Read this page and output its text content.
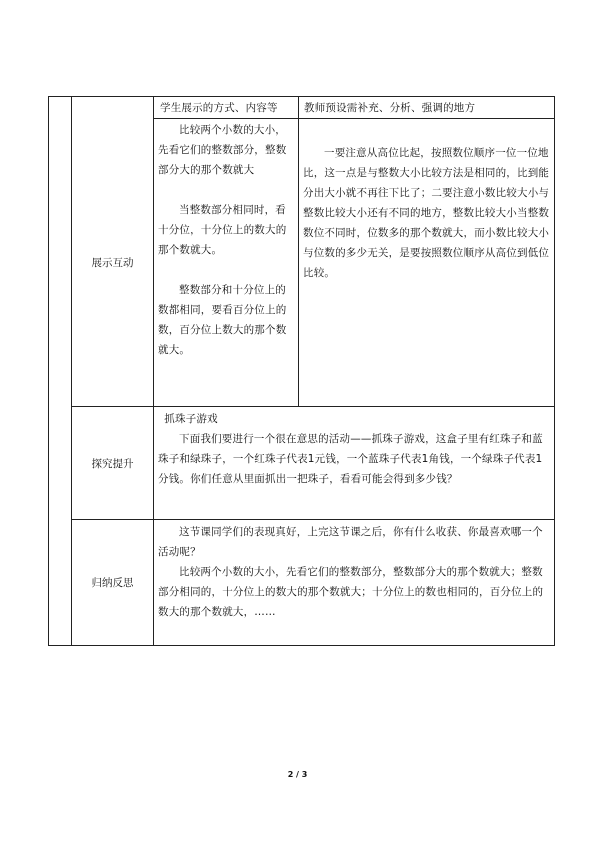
学生展示的方式、内容等	教师预设需补充、分析、强调的地方
展示互动

比较两个小数的大小，先看它们的整数部分，整数部分大的那个数就大

当整数部分相同时，看十分位，十分位上的数大的那个数就大。

整数部分和十分位上的数都相同，要看百分位上的数，百分位上数大的那个数就大。

一要注意从高位比起，按照数位顺序一位一位地比，这一点是与整数大小比较方法是相同的，比到能分出大小就不再往下比了；二要注意小数比较大小与整数比较大小还有不同的地方，整数比较大小当整数数位不同时，位数多的那个数就大，而小数比较大小与位数的多少无关，是要按照数位顺序从高位到低位比较。

探究提升

抓珠子游戏

下面我们要进行一个很在意思的活动——抓珠子游戏，这盒子里有红珠子和蓝珠子和绿珠子，一个红珠子代表1元钱，一个蓝珠子代表1角钱，一个绿珠子代表1分钱。你们任意从里面抓出一把珠子，看看可能会得到多少钱？

归纳反思

这节课同学们的表现真好，上完这节课之后，你有什么收获、你最喜欢哪一个活动呢？

比较两个小数的大小，先看它们的整数部分，整数部分大的那个数就大；整数部分相同的，十分位上的数大的那个数就大；十分位上的数也相同的，百分位上的数大的那个数就大，……

2 / 3
